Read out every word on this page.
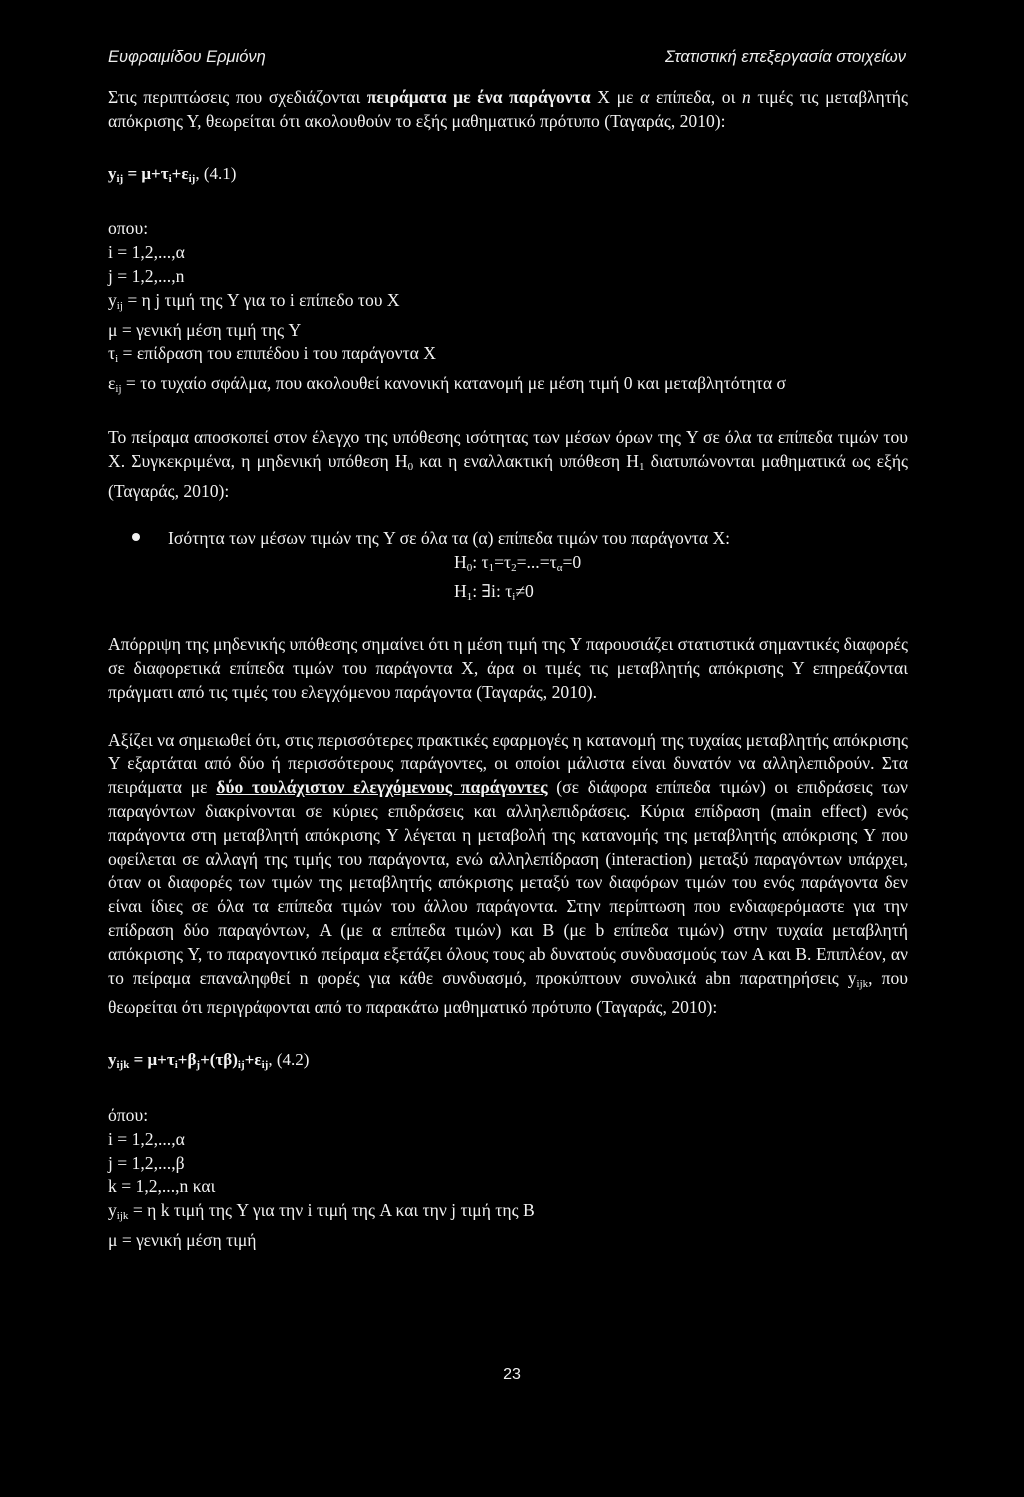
Ευφραιμίδου Ερμιόνη	Στατιστική επεξεργασία στοιχείων

Στις περιπτώσεις που σχεδιάζονται πειράματα με ένα παράγοντα X με α επίπεδα, οι n τιμές τις μεταβλητής απόκρισης Υ, θεωρείται ότι ακολουθούν το εξής μαθηματικό πρότυπο (Ταγαράς, 2010):

$y_{ij} = \mu+\tau_i+\varepsilon_{ij}$, (4.1)
οπου:
i = 1,2,...,α
j = 1,2,...,n
$y_{ij} = \eta$ j τιμή της Y για το i επίπεδο του X
μ = γενική μέση τιμή της Y
$\tau_i = \varepsilon\pi ί\delta\rho\alpha\sigma\eta$ του επιπέδου i του παράγοντα X
$\varepsilon_{ij} = \tau o$ τυχαίο σφάλμα, που ακολουθεί κανονική κατανομή με μέση τιμή 0 και μεταβλητότητα σ

Το πείραμα αποσκοπεί στον έλεγχο της υπόθεσης ισότητας των μέσων όρων της Y σε όλα τα επίπεδα τιμών του X. Συγκεκριμένα, η μηδενική υπόθεση $H_0$ και η εναλλακτική υπόθεση $H_1$ διατυπώνονται μαθηματικά ως εξής (Ταγαράς, 2010):

Ισότητα των μέσων τιμών της Y σε όλα τα (α) επίπεδα τιμών του παράγοντα X:
$H_0$: $\tau_1=\tau_2=...=\tau_\alpha=0$
$H_1$: ∃i: $\tau_i\ne 0$

Απόρριψη της μηδενικής υπόθεσης σημαίνει ότι η μέση τιμή της Y παρουσιάζει στατιστικά σημαντικές διαφορές σε διαφορετικά επίπεδα τιμών του παράγοντα X, άρα οι τιμές τις μεταβλητής απόκρισης Y επηρεάζονται πράγματι από τις τιμές του ελεγχόμενου παράγοντα (Ταγαράς, 2010).

Αξίζει να σημειωθεί ότι, στις περισσότερες πρακτικές εφαρμογές η κατανομή της τυχαίας μεταβλητής απόκρισης Y εξαρτάται από δύο ή περισσότερους παράγοντες, οι οποίοι μάλιστα είναι δυνατόν να αλληλεπιδρούν. Στα πειράματα με δύο τουλάχιστον ελεγχόμενους παράγοντες (σε διάφορα επίπεδα τιμών) οι επιδράσεις των παραγόντων διακρίνονται σε κύριες επιδράσεις και αλληλεπιδράσεις. Κύρια επίδραση (main effect) ενός παράγοντα στη μεταβλητή απόκρισης Y λέγεται η μεταβολή της κατανομής της μεταβλητής απόκρισης Y που οφείλεται σε αλλαγή της τιμής του παράγοντα, ενώ αλληλεπίδραση (interaction) μεταξύ παραγόντων υπάρχει, όταν οι διαφορές των τιμών της μεταβλητής απόκρισης μεταξύ των διαφόρων τιμών του ενός παράγοντα δεν είναι ίδιες σε όλα τα επίπεδα τιμών του άλλου παράγοντα. Στην περίπτωση που ενδιαφερόμαστε για την επίδραση δύο παραγόντων, A (με α επίπεδα τιμών) και B (με b επίπεδα τιμών) στην τυχαία μεταβλητή απόκρισης Y, το παραγοντικό πείραμα εξετάζει όλους τους ab δυνατούς συνδυασμούς των A και B. Επιπλέον, αν το πείραμα επαναληφθεί n φορές για κάθε συνδυασμό, προκύπτουν συνολικά abn παρατηρήσεις $y_{ijk}$, που θεωρείται ότι περιγράφονται από το παρακάτω μαθηματικό πρότυπο (Ταγαράς, 2010):

$y_{ijk} = \mu+\tau_i+\beta_j+(\tau\beta)_{ij}+\varepsilon_{ij}$, (4.2)
όπου:
i = 1,2,...,α
j = 1,2,...,β
k = 1,2,...,n και
$y_{ijk} = \eta$ k τιμή της Y για την i τιμή της A και την j τιμή της B
μ = γενική μέση τιμή
23
